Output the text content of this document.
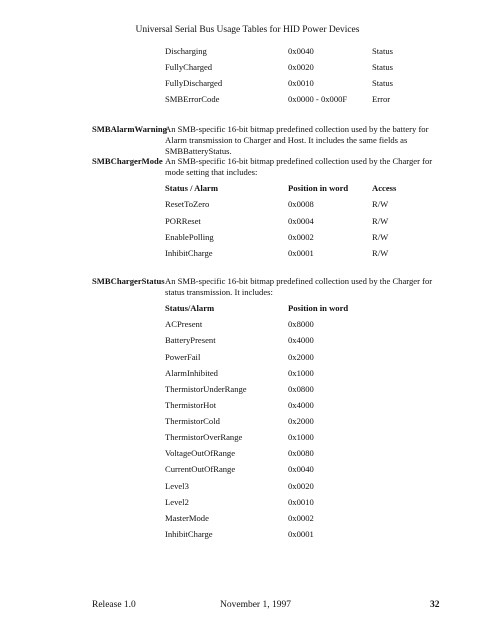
Universal Serial Bus Usage Tables for HID Power Devices
Discharging	0x0040	Status
FullyCharged	0x0020	Status
FullyDischarged	0x0010	Status
SMBErrorCode	0x0000 - 0x000F	Error
SMBAlarmWarning
An SMB-specific 16-bit bitmap predefined collection used by the battery for Alarm transmission to Charger and Host. It includes the same fields as SMBBatteryStatus.
SMBChargerMode An SMB-specific 16-bit bitmap predefined collection used by the Charger for mode setting that includes:
Status / Alarm	Position in word	Access
ResetToZero	0x0008	R/W
PORReset	0x0004	R/W
EnablePolling	0x0002	R/W
InhibitCharge	0x0001	R/W
SMBChargerStatus An SMB-specific 16-bit bitmap predefined collection used by the Charger for status transmission. It includes:
Status/Alarm	Position in word
ACPresent	0x8000
BatteryPresent	0x4000
PowerFail	0x2000
AlarmInhibited	0x1000
ThermistorUnderRange	0x0800
ThermistorHot	0x4000
ThermistorCold	0x2000
ThermistorOverRange	0x1000
VoltageOutOfRange	0x0080
CurrentOutOfRange	0x0040
Level3	0x0020
Level2	0x0010
MasterMode	0x0002
InhibitCharge	0x0001
Release 1.0	November 1, 1997	32
